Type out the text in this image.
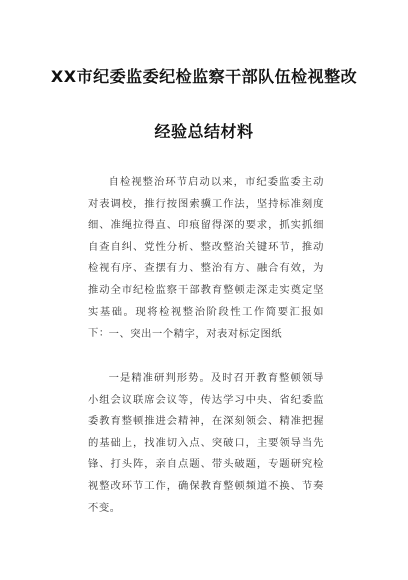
XX市纪委监委纪检监察干部队伍检视整改
经验总结材料

自检视整治环节启动以来，市纪委监委主动对表调校，推行按图索骥工作法，坚持标准刻度细、准绳拉得直、印痕留得深的要求，抓实抓细自查自纠、党性分析、整改整治关键环节，推动检视有序、查摆有力、整治有方、融合有效，为推动全市纪检监察干部教育整顿走深走实奠定坚实基础。现将检视整治阶段性工作简要汇报如下：

一、突出一个精字，对表对标定图纸

一是精准研判形势。及时召开教育整顿领导小组会议联席会议等，传达学习中央、省纪委监委教育整顿推进会精神，在深刻领会、精准把握的基础上，找准切入点、突破口，主要领导当先锋、打头阵，亲自点题、带头破题，专题研究检视整改环节工作，确保教育整顿频道不换、节奏不变。
